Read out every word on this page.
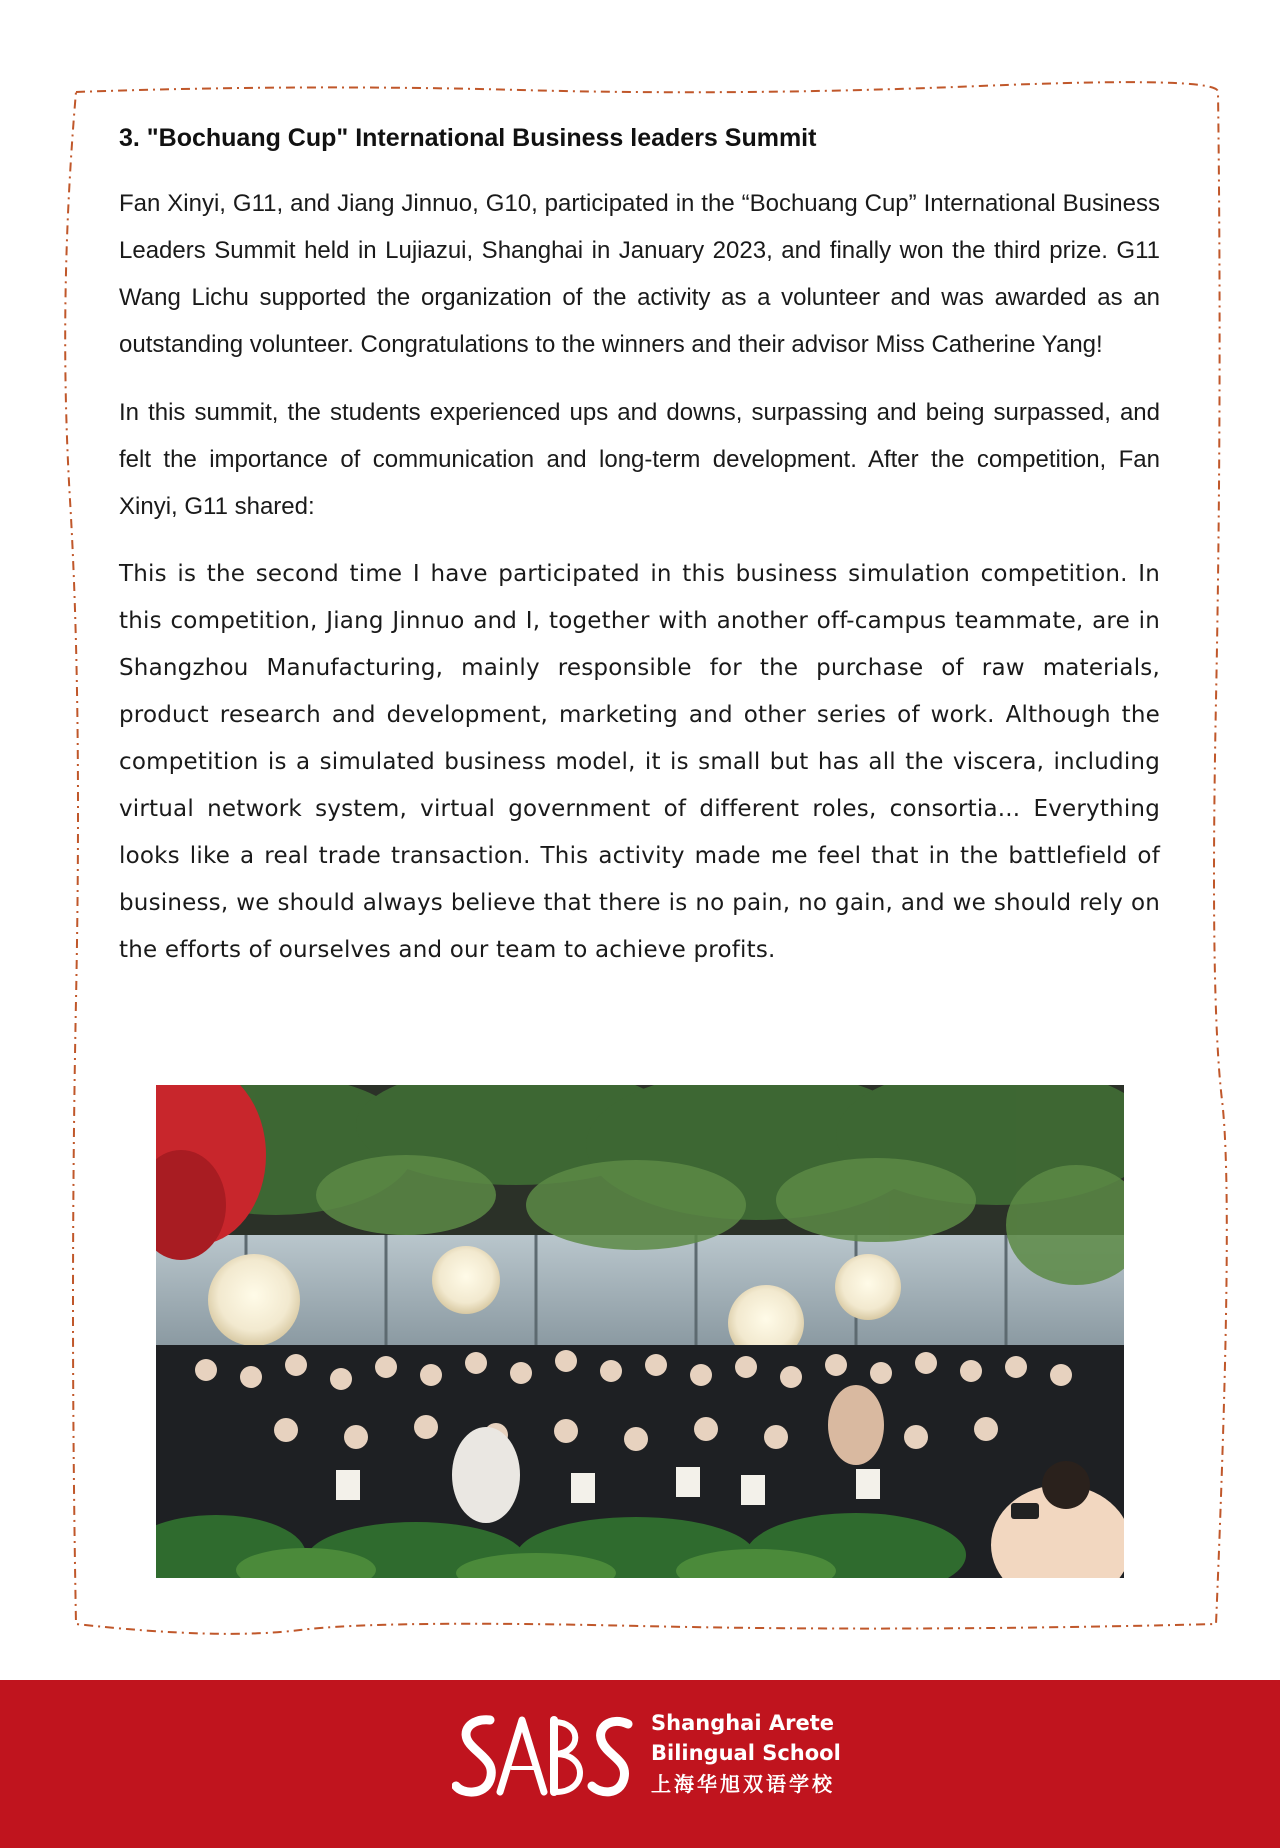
3. "Bochuang Cup" International Business leaders Summit

Fan Xinyi, G11, and Jiang Jinnuo, G10, participated in the “Bochuang Cup” International Business Leaders Summit held in Lujiazui, Shanghai in January 2023, and finally won the third prize. G11 Wang Lichu supported the organization of the activity as a volunteer and was awarded as an outstanding volunteer. Congratulations to the winners and their advisor Miss Catherine Yang!

In this summit, the students experienced ups and downs, surpassing and being surpassed, and felt the importance of communication and long-term development. After the competition, Fan Xinyi, G11 shared:

This is the second time I have participated in this business simulation competition. In this competition, Jiang Jinnuo and I, together with another off-campus teammate, are in Shangzhou Manufacturing, mainly responsible for the purchase of raw materials, product research and development, marketing and other series of work. Although the competition is a simulated business model, it is small but has all the viscera, including virtual network system, virtual government of different roles, consortia... Everything looks like a real trade transaction. This activity made me feel that in the battlefield of business, we should always believe that there is no pain, no gain, and we should rely on the efforts of ourselves and our team to achieve profits.

Shanghai Arete
Bilingual School
上海华旭双语学校
